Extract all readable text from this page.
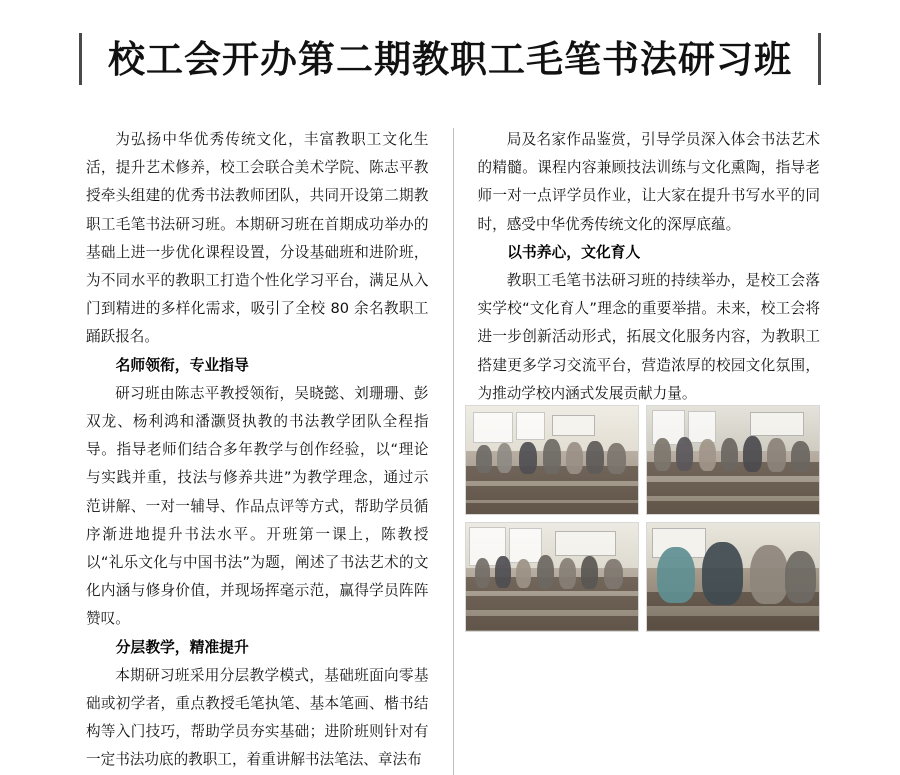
校工会开办第二期教职工毛笔书法研习班

为弘扬中华优秀传统文化，丰富教职工文化生活，提升艺术修养，校工会联合美术学院、陈志平教授牵头组建的优秀书法教师团队，共同开设第二期教职工毛笔书法研习班。本期研习班在首期成功举办的基础上进一步优化课程设置，分设基础班和进阶班，为不同水平的教职工打造个性化学习平台，满足从入门到精进的多样化需求，吸引了全校 80 余名教职工踊跃报名。

名师领衔，专业指导

研习班由陈志平教授领衔，吴晓懿、刘珊珊、彭双龙、杨利鸿和潘灏贤执教的书法教学团队全程指导。指导老师们结合多年教学与创作经验，以“理论与实践并重，技法与修养共进”为教学理念，通过示范讲解、一对一辅导、作品点评等方式，帮助学员循序渐进地提升书法水平。开班第一课上，陈教授以“礼乐文化与中国书法”为题，阐述了书法艺术的文化内涵与修身价值，并现场挥毫示范，赢得学员阵阵赞叹。

分层教学，精准提升

本期研习班采用分层教学模式，基础班面向零基础或初学者，重点教授毛笔执笔、基本笔画、楷书结构等入门技巧，帮助学员夯实基础；进阶班则针对有一定书法功底的教职工，着重讲解书法笔法、章法布

局及名家作品鉴赏，引导学员深入体会书法艺术的精髓。课程内容兼顾技法训练与文化熏陶，指导老师一对一点评学员作业，让大家在提升书写水平的同时，感受中华优秀传统文化的深厚底蕴。

以书养心，文化育人

教职工毛笔书法研习班的持续举办，是校工会落实学校“文化育人”理念的重要举措。未来，校工会将进一步创新活动形式，拓展文化服务内容，为教职工搭建更多学习交流平台，营造浓厚的校园文化氛围，为推动学校内涵式发展贡献力量。
